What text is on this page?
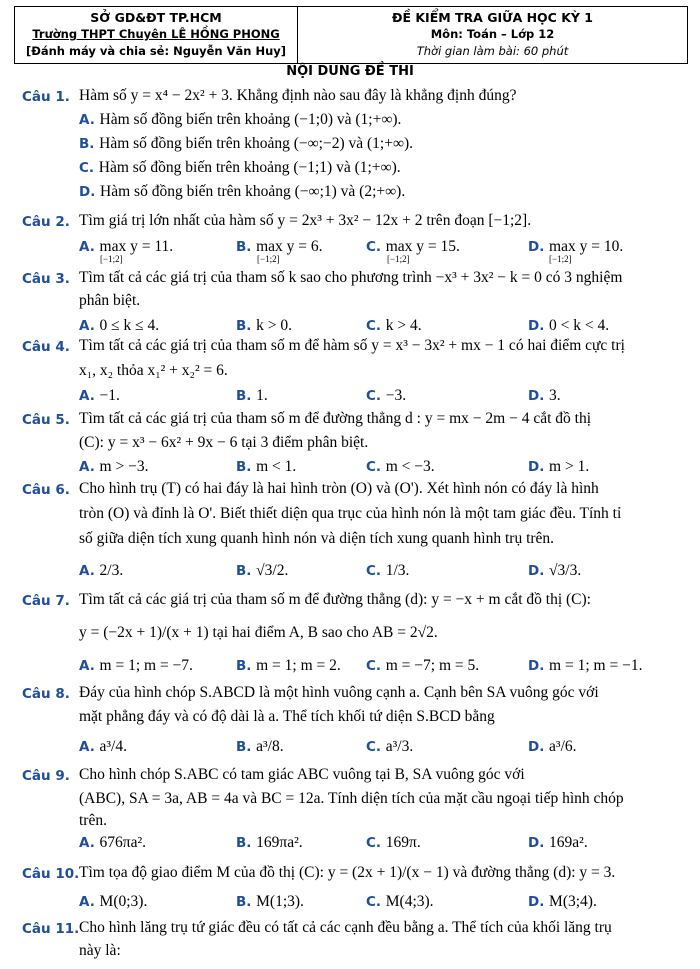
SỞ GD&ĐT TP.HCM
Trường THPT Chuyên LÊ HỒNG PHONG
[Đánh máy và chia sẻ: Nguyễn Văn Huy]
ĐỀ KIỂM TRA GIỮA HỌC KỲ 1
Môn: Toán – Lớp 12
Thời gian làm bài: 60 phút
NỘI DUNG ĐỀ THI
Câu 1. Hàm số y = x⁴ − 2x² + 3. Khẳng định nào sau đây là khẳng định đúng?
A. Hàm số đồng biến trên khoảng (−1;0) và (1;+∞).
B. Hàm số đồng biến trên khoảng (−∞;−2) và (1;+∞).
C. Hàm số đồng biến trên khoảng (−1;1) và (1;+∞).
D. Hàm số đồng biến trên khoảng (−∞;1) và (2;+∞).
Câu 2. Tìm giá trị lớn nhất của hàm số y = 2x³ + 3x² − 12x + 2 trên đoạn [−1;2].
A. max y = 11.	B. max y = 6.	C. max y = 15.	D. max y = 10.
[−1;2]	[−1;2]	[−1;2]	[−1;2]
Câu 3. Tìm tất cả các giá trị của tham số k sao cho phương trình −x³ + 3x² − k = 0 có 3 nghiệm
phân biệt.
A. 0 ≤ k ≤ 4.	B. k > 0.	C. k > 4.	D. 0 < k < 4.
Câu 4. Tìm tất cả các giá trị của tham số m để hàm số y = x³ − 3x² + mx − 1 có hai điểm cực trị
x₁, x₂ thỏa x₁² + x₂² = 6.
A. −1.	B. 1.	C. −3.	D. 3.
Câu 5. Tìm tất cả các giá trị của tham số m để đường thẳng d : y = mx − 2m − 4 cắt đồ thị
(C): y = x³ − 6x² + 9x − 6 tại 3 điểm phân biệt.
A. m > −3.	B. m < 1.	C. m < −3.	D. m > 1.
Câu 6. Cho hình trụ (T) có hai đáy là hai hình tròn (O) và (O'). Xét hình nón có đáy là hình
tròn (O) và đỉnh là O'. Biết thiết diện qua trục của hình nón là một tam giác đều. Tính tỉ
số giữa diện tích xung quanh hình nón và diện tích xung quanh hình trụ trên.
A. 2/3.	B. √3/2.	C. 1/3.	D. √3/3.
Câu 7. Tìm tất cả các giá trị của tham số m để đường thẳng (d): y = −x + m cắt đồ thị (C):
y = (−2x + 1)/(x + 1) tại hai điểm A, B sao cho AB = 2√2.
A. m = 1; m = −7.	B. m = 1; m = 2. C. m = −7; m = 5.	D. m = 1; m = −1.
Câu 8. Đáy của hình chóp S.ABCD là một hình vuông cạnh a. Cạnh bên SA vuông góc với
mặt phẳng đáy và có độ dài là a. Thể tích khối tứ diện S.BCD bằng
A. a³/4.	B. a³/8.	C. a³/3.	D. a³/6.
Câu 9. Cho hình chóp S.ABC có tam giác ABC vuông tại B, SA vuông góc với
(ABC), SA = 3a, AB = 4a và BC = 12a. Tính diện tích của mặt cầu ngoại tiếp hình chóp
trên.
A. 676πa².	B. 169πa².	C. 169π.	D. 169a².
Câu 10. Tìm tọa độ giao điểm M của đồ thị (C): y = (2x + 1)/(x − 1) và đường thẳng (d): y = 3.
A. M(0;3).	B. M(1;3).	C. M(4;3).	D. M(3;4).
Câu 11. Cho hình lăng trụ tứ giác đều có tất cả các cạnh đều bằng a. Thể tích của khối lăng trụ
này là:
